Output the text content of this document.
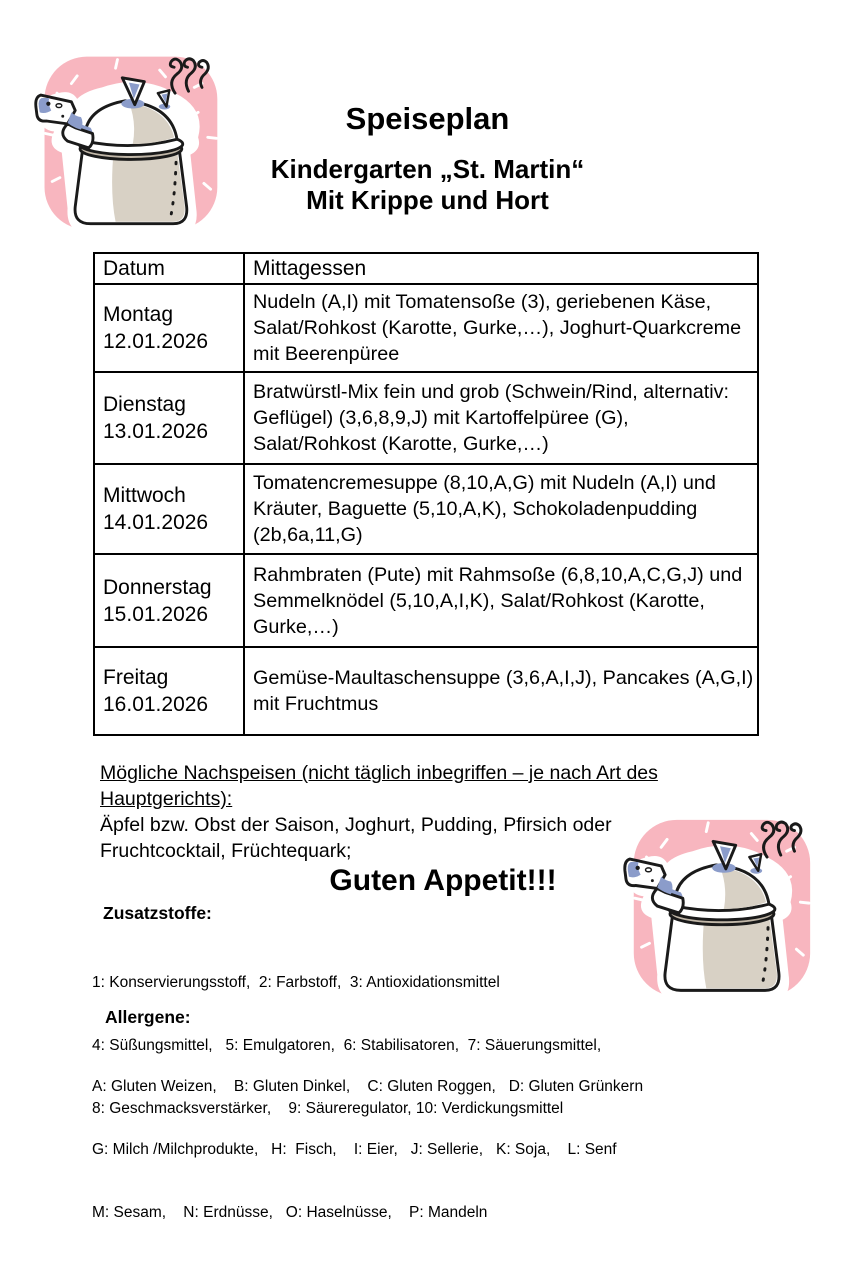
Speiseplan
Kindergarten „St. Martin“
Mit Krippe und Hort
Datum	Mittagessen

Montag
12.01.2026	Nudeln (A,I) mit Tomatensoße (3), geriebenen Käse, Salat/Rohkost (Karotte, Gurke,…), Joghurt-Quarkcreme mit Beerenpüree

Dienstag
13.01.2026	Bratwürstl-Mix fein und grob (Schwein/Rind, alternativ: Geflügel) (3,6,8,9,J) mit Kartoffelpüree (G), Salat/Rohkost (Karotte, Gurke,…)

Mittwoch
14.01.2026	Tomatencremesuppe (8,10,A,G) mit Nudeln (A,I) und Kräuter, Baguette (5,10,A,K), Schokoladenpudding (2b,6a,11,G)

Donnerstag
15.01.2026	Rahmbraten (Pute) mit Rahmsoße (6,8,10,A,C,G,J) und Semmelknödel (5,10,A,I,K), Salat/Rohkost (Karotte, Gurke,…)

Freitag
16.01.2026	Gemüse-Maultaschensuppe (3,6,A,I,J), Pancakes (A,G,I) mit Fruchtmus
Mögliche Nachspeisen (nicht täglich inbegriffen – je nach Art des Hauptgerichts):
Äpfel bzw. Obst der Saison, Joghurt, Pudding, Pfirsich oder Fruchtcocktail, Früchtequark;
Guten Appetit!!!
Zusatzstoffe:

1: Konservierungsstoff,  2: Farbstoff,  3: Antioxidationsmittel

4: Süßungsmittel,   5: Emulgatoren,  6: Stabilisatoren,  7: Säuerungsmittel,

8: Geschmacksverstärker,    9: Säureregulator, 10: Verdickungsmittel

Allergene:

A: Gluten Weizen,    B: Gluten Dinkel,    C: Gluten Roggen,   D: Gluten Grünkern

G: Milch /Milchprodukte,   H:  Fisch,    I: Eier,   J: Sellerie,   K: Soja,    L: Senf

M: Sesam,    N: Erdnüsse,   O: Haselnüsse,    P: Mandeln
